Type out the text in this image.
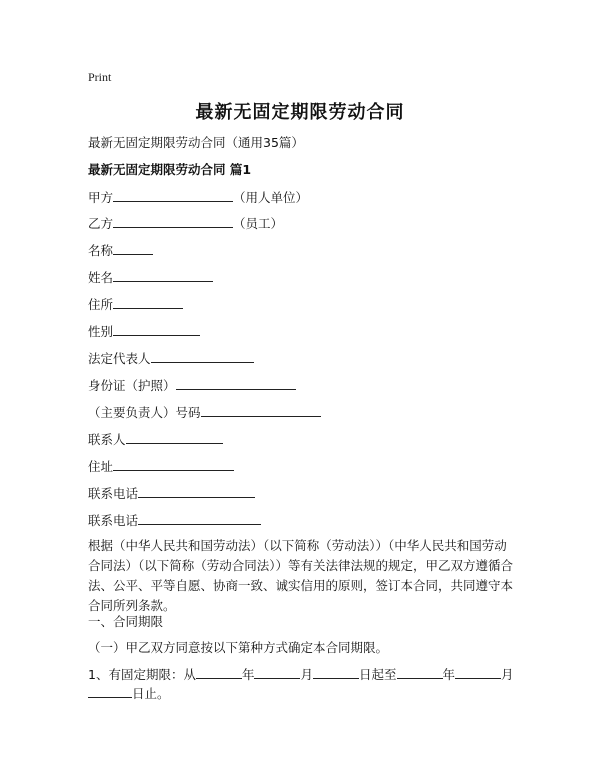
Print
最新无固定期限劳动合同
最新无固定期限劳动合同（通用35篇）
最新无固定期限劳动合同 篇1
甲方	（用人单位）
乙方	（员工）
名称
姓名
住所
性别
法定代表人
身份证（护照）
（主要负责人）号码
联系人
住址
联系电话
联系电话
根据（中华人民共和国劳动法）（以下简称（劳动法））（中华人民共和国劳动合同法）（以下简称（劳动合同法））等有关法律法规的规定，甲乙双方遵循合法、公平、平等自愿、协商一致、诚实信用的原则，签订本合同，共同遵守本合同所列条款。
一、合同期限
（一）甲乙双方同意按以下第种方式确定本合同期限。
1、有固定期限：从	年	月	日起至	年	月
日止。
